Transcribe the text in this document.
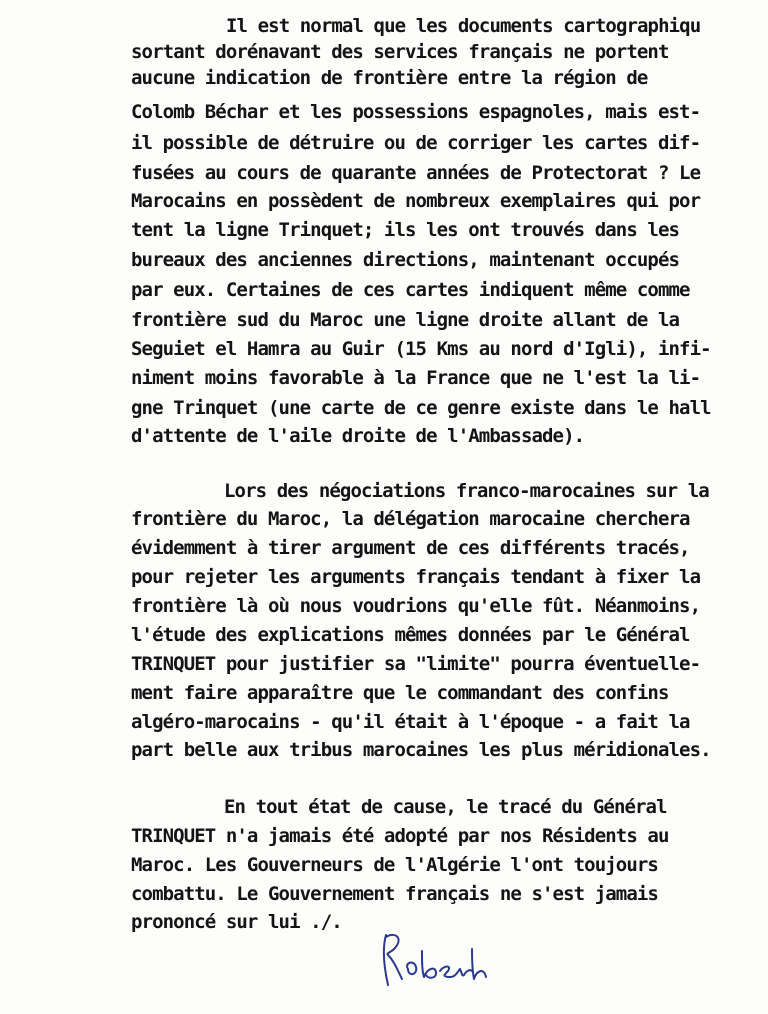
Il est normal que les documents cartographiqu
sortant dorénavant des services français ne portent
aucune indication de frontière entre la région de
Colomb Béchar et les possessions espagnoles, mais est-
il possible de détruire ou de corriger les cartes dif-
fusées au cours de quarante années de Protectorat ? Le
Marocains en possèdent de nombreux exemplaires qui por
tent la ligne Trinquet; ils les ont trouvés dans les
bureaux des anciennes directions, maintenant occupés
par eux. Certaines de ces cartes indiquent même comme
frontière sud du Maroc une ligne droite allant de la
Seguiet el Hamra au Guir (15 Kms au nord d'Igli), infi-
niment moins favorable à la France que ne l'est la li-
gne Trinquet (une carte de ce genre existe dans le hall
d'attente de l'aile droite de l'Ambassade).
Lors des négociations franco-marocaines sur la
frontière du Maroc, la délégation marocaine cherchera
évidemment à tirer argument de ces différents tracés,
pour rejeter les arguments français tendant à fixer la
frontière là où nous voudrions qu'elle fût. Néanmoins,
l'étude des explications mêmes données par le Général
TRINQUET pour justifier sa "limite" pourra éventuelle-
ment faire apparaître que le commandant des confins
algéro-marocains - qu'il était à l'époque - a fait la
part belle aux tribus marocaines les plus méridionales.
En tout état de cause, le tracé du Général
TRINQUET n'a jamais été adopté par nos Résidents au
Maroc. Les Gouverneurs de l'Algérie l'ont toujours
combattu. Le Gouvernement français ne s'est jamais
prononcé sur lui ./.
